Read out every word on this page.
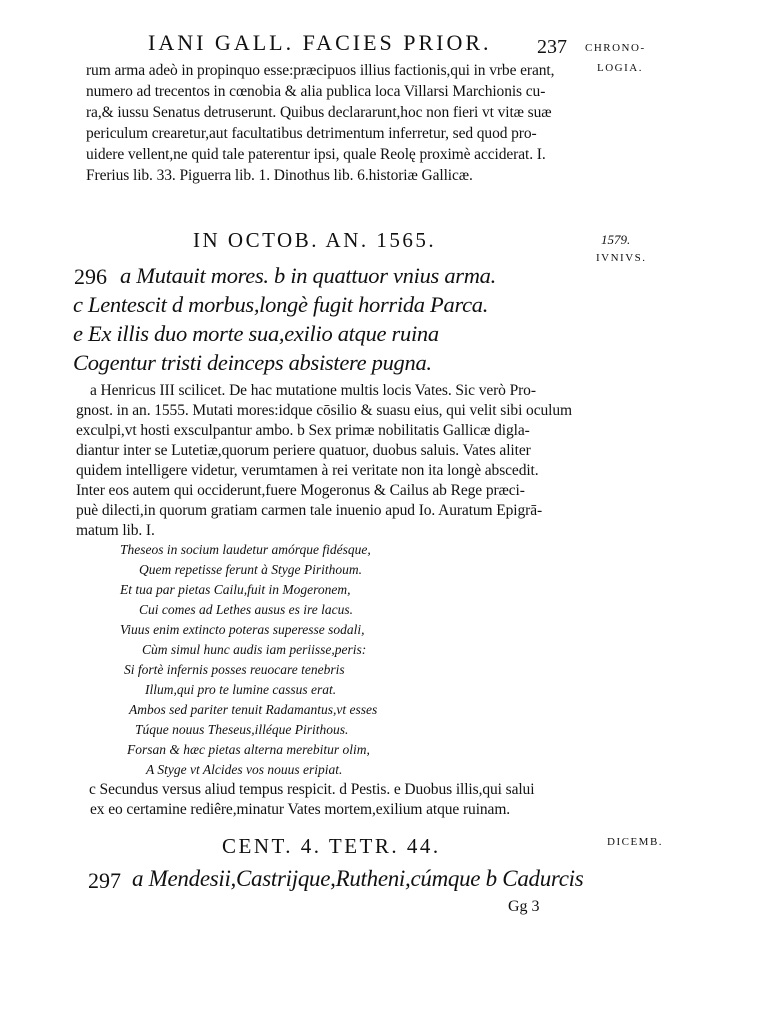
IANI GALL. FACIES PRIOR. 237 CHRONO-
LOGIA.
rum arma adeò in propinquo esse:præcipuos illius factionis,qui in vrbe erant,
numero ad trecentos in cœnobia & alia publica loca Villarsi Marchionis cu-
ra,& iussu Senatus detruserunt. Quibus declararunt,hoc non fieri vt vitæ suæ
periculum crearetur,aut facultatibus detrimentum inferretur, sed quod pro-
uidere vellent,ne quid tale paterentur ipsi, quale Reolę proximè acciderat. I.
Frerius lib. 33. Piguerra lib. 1. Dinothus lib. 6.historiæ Gallicæ.
IN OCTOB. AN. 1565.	1579.
IVNIVS.
296 a Mutauit mores. b in quattuor vnius arma.
c Lentescit d morbus,longè fugit horrida Parca.
e Ex illis duo morte sua,exilio atque ruina
Cogentur tristi deinceps absistere pugna.
a Henricus III scilicet. De hac mutatione multis locis Vates. Sic verò Pro-
gnost. in an. 1555. Mutati mores:idque cōsilio & suasu eius, qui velit sibi oculum
exculpi,vt hosti exsculpantur ambo. b Sex primæ nobilitatis Gallicæ digla-
diantur inter se Lutetiæ,quorum periere quatuor, duobus saluis. Vates aliter
quidem intelligere videtur, verumtamen à rei veritate non ita longè abscedit.
Inter eos autem qui occiderunt,fuere Mogeronus & Cailus ab Rege præci-
puè dilecti,in quorum gratiam carmen tale inuenio apud Io. Auratum Epigrā-
matum lib. I.
Theseos in socium laudetur amórque fidésque,
Quem repetisse ferunt à Styge Pirithoum.
Et tua par pietas Cailu,fuit in Mogeronem,
Cui comes ad Lethes ausus es ire lacus.
Viuus enim extincto poteras superesse sodali,
Cùm simul hunc audis iam periisse,peris:
Si fortè infernis posses reuocare tenebris
Illum,qui pro te lumine cassus erat.
Ambos sed pariter tenuit Radamantus,vt esses
Túque nouus Theseus,illéque Pirithous.
Forsan & hæc pietas alterna merebitur olim,
A Styge vt Alcides vos nouus eripiat.
c Secundus versus aliud tempus respicit. d Pestis. e Duobus illis,qui salui
ex eo certamine rediêre,minatur Vates mortem,exilium atque ruinam.
CENT. 4. TETR. 44.	DICEMB.
297 a Mendesii,Castrijque,Rutheni,cúmque b Cadurcis
Gg 3
